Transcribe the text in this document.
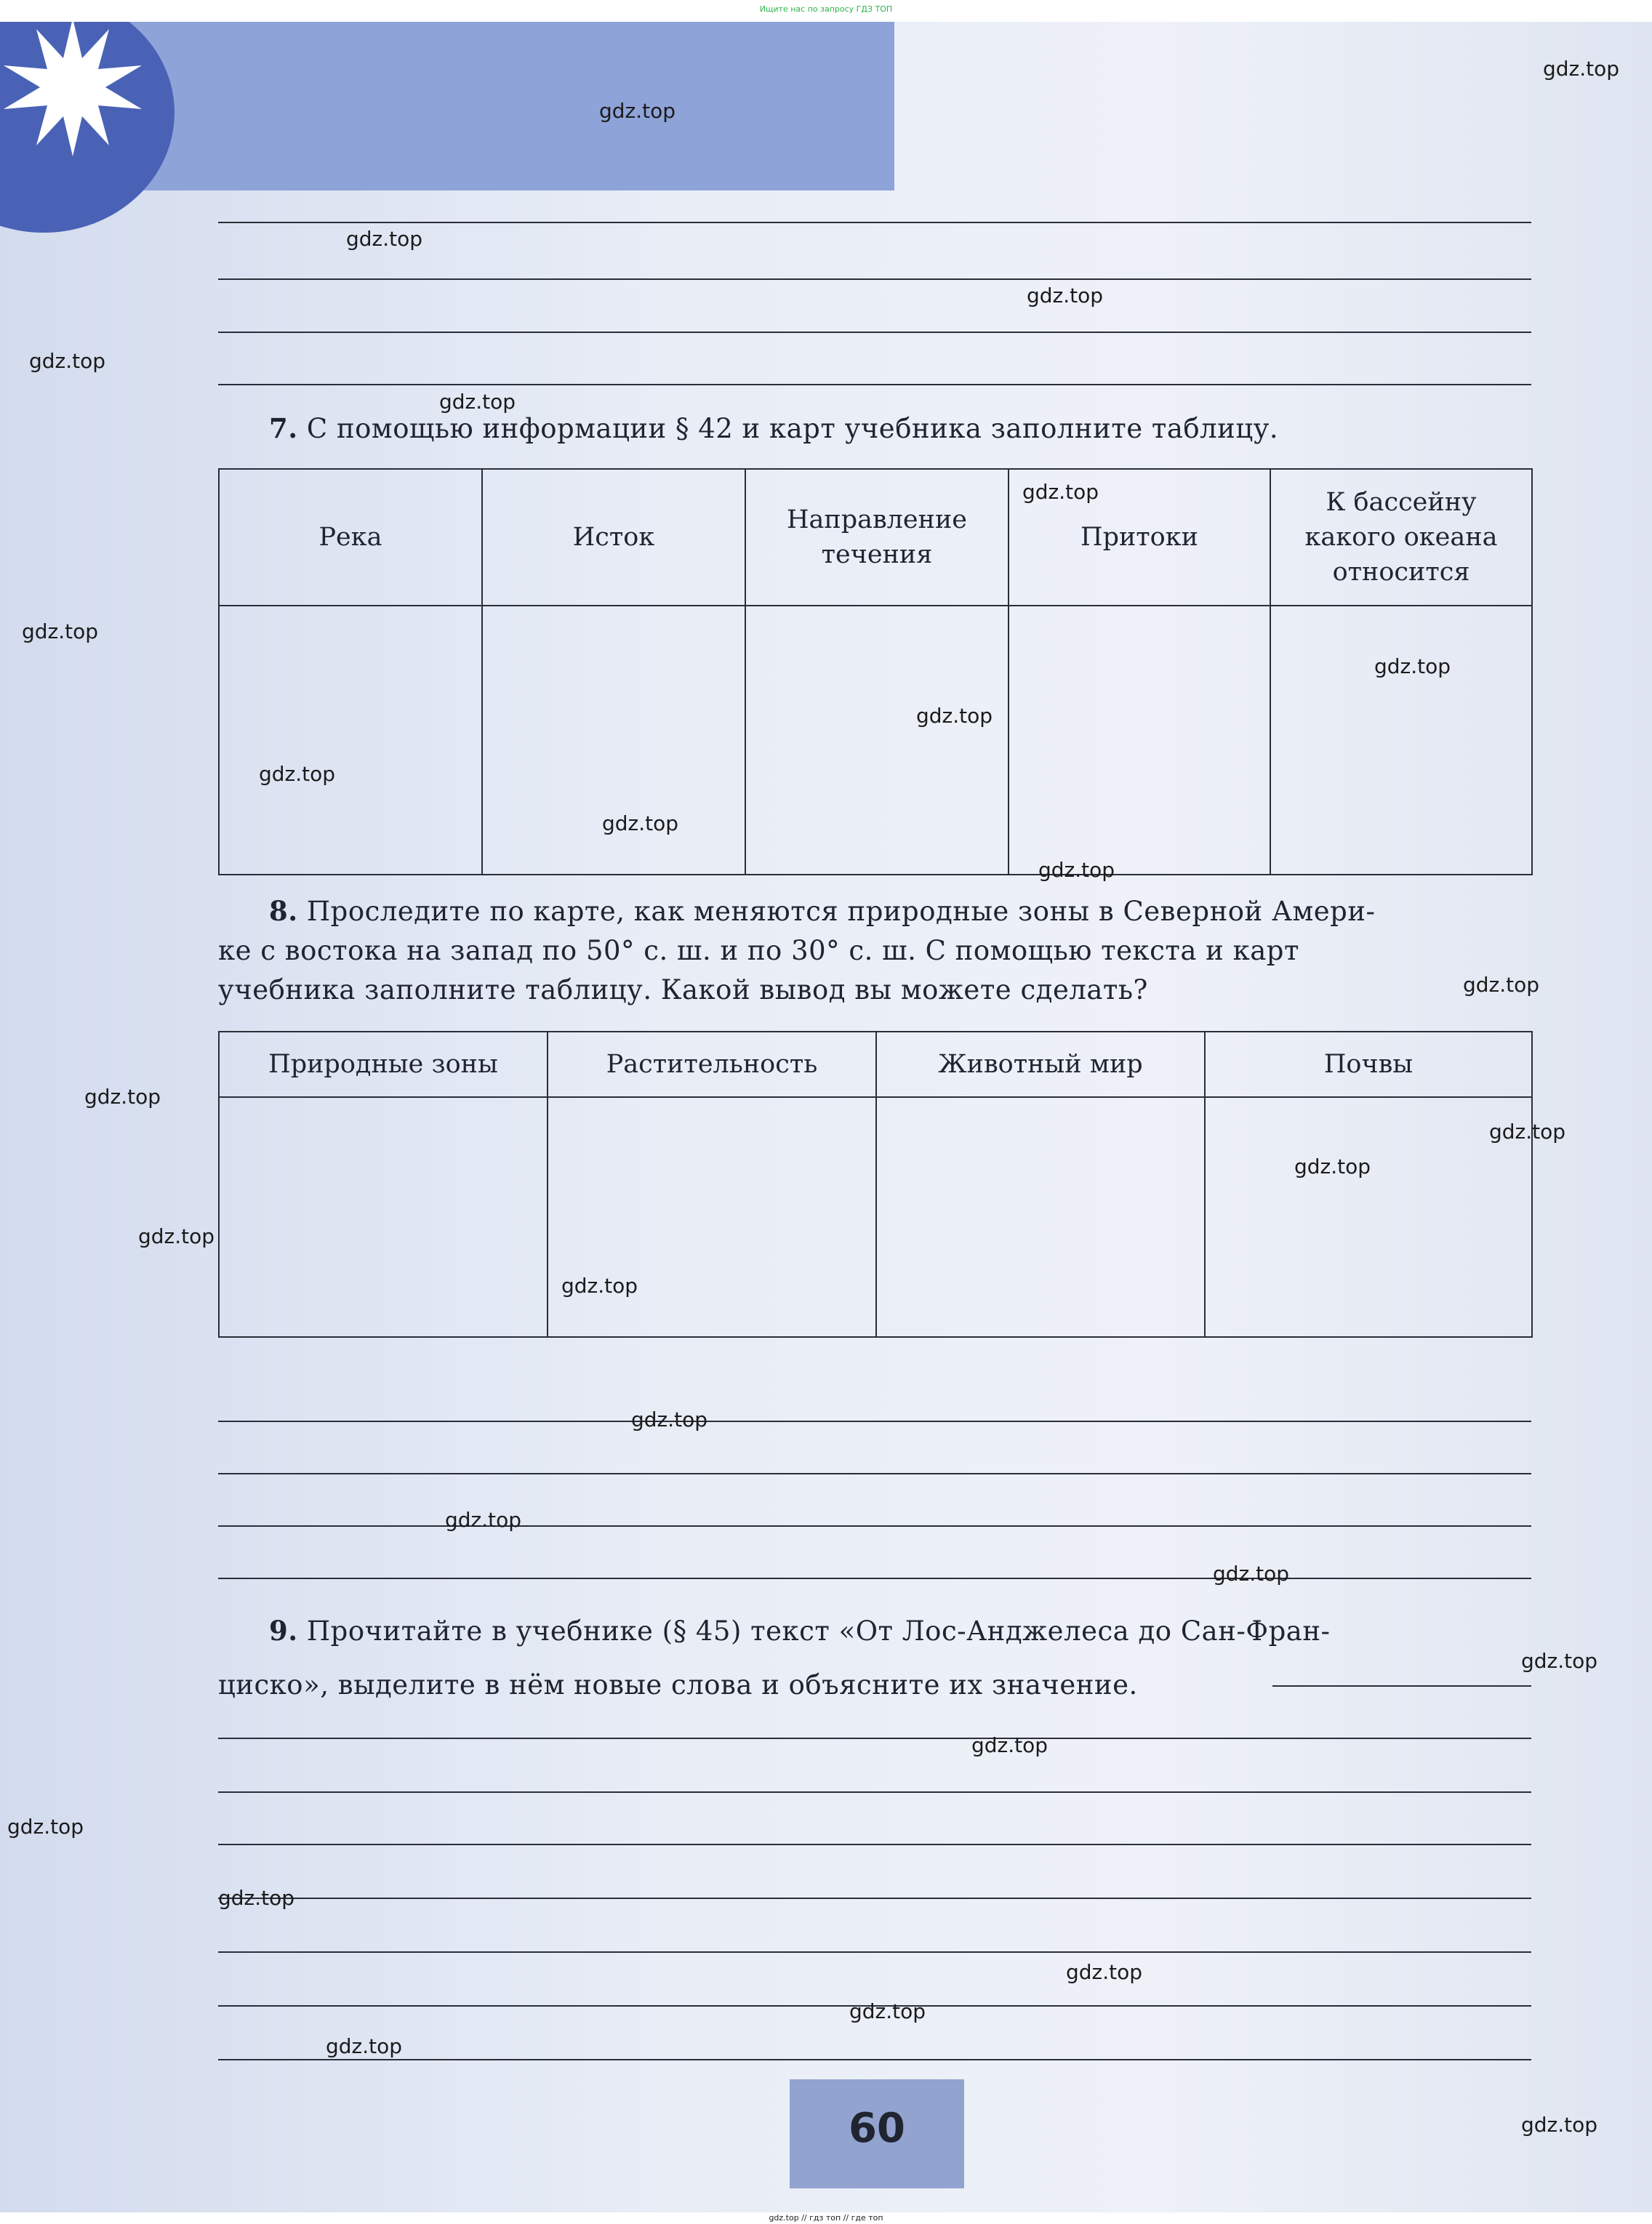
Ищите нас по запросу ГДЗ ТОП
7. С помощью информации § 42 и карт учебника заполните таблицу.
Река	Исток	Направление течения	Притоки	К бассейну какого океана относится

8. Проследите по карте, как меняются природные зоны в Северной Амери-
ке с востока на запад по 50° с. ш. и по 30° с. ш. С помощью текста и карт
учебника заполните таблицу. Какой вывод вы можете сделать?
Природные зоны	Растительность	Животный мир	Почвы

9. Прочитайте в учебнике (§ 45) текст «От Лос-Анджелеса до Сан-Фран-
циско», выделите в нём новые слова и объясните их значение.
60
gdz.top
gdz.top
gdz.top
gdz.top
gdz.top
gdz.top
gdz.top
gdz.top
gdz.top
gdz.top
gdz.top
gdz.top
gdz.top
gdz.top
gdz.top
gdz.top
gdz.top
gdz.top
gdz.top
gdz.top
gdz.top
gdz.top
gdz.top
gdz.top
gdz.top
gdz.top
gdz.top
gdz.top
gdz.top
gdz.top
gdz.top // гдз топ // где топ
